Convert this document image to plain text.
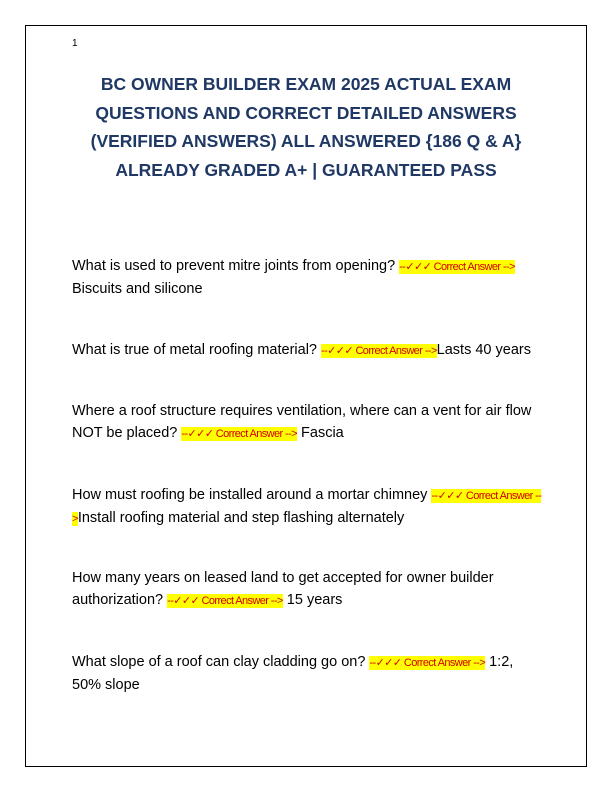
1
BC OWNER BUILDER EXAM 2025 ACTUAL EXAM
QUESTIONS AND CORRECT DETAILED ANSWERS
(VERIFIED ANSWERS) ALL ANSWERED {186 Q & A}
ALREADY GRADED A+ | GUARANTEED PASS
What is used to prevent mitre joints from opening? --✓✓✓ Correct Answer --> Biscuits and silicone
What is true of metal roofing material? --✓✓✓ Correct Answer -->Lasts 40 years
Where a roof structure requires ventilation, where can a vent for air flow NOT be placed? --✓✓✓ Correct Answer --> Fascia
How must roofing be installed around a mortar chimney --✓✓✓ Correct Answer -->Install roofing material and step flashing alternately
How many years on leased land to get accepted for owner builder authorization? --✓✓✓ Correct Answer --> 15 years
What slope of a roof can clay cladding go on? --✓✓✓ Correct Answer --> 1:2, 50% slope
